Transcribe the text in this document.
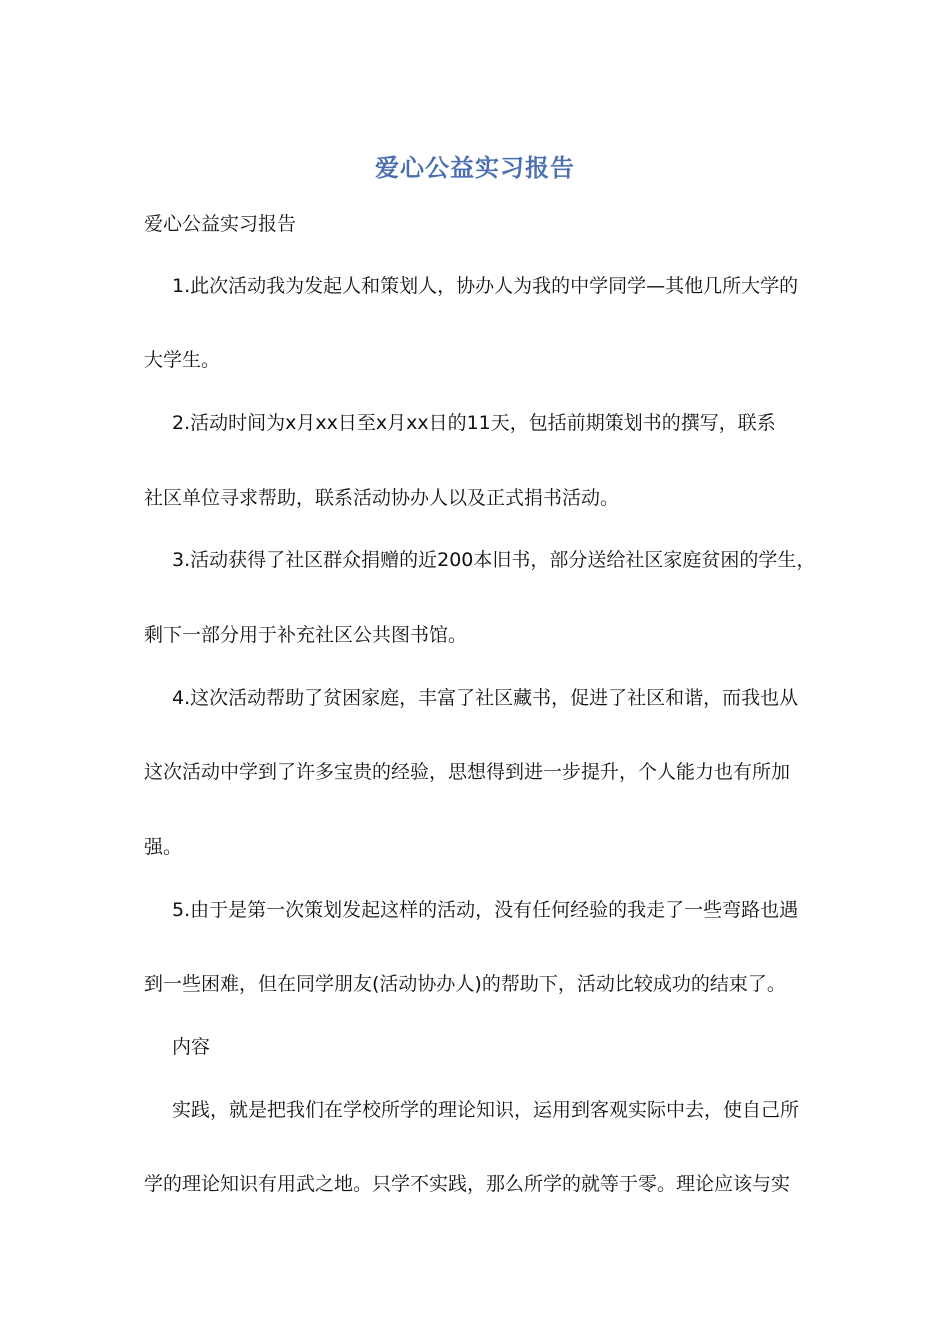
爱心公益实习报告
爱心公益实习报告
1.此次活动我为发起人和策划人，协办人为我的中学同学—其他几所大学的
大学生。
2.活动时间为x月xx日至x月xx日的11天，包括前期策划书的撰写，联系
社区单位寻求帮助，联系活动协办人以及正式捐书活动。
3.活动获得了社区群众捐赠的近200本旧书，部分送给社区家庭贫困的学生，
剩下一部分用于补充社区公共图书馆。
4.这次活动帮助了贫困家庭，丰富了社区藏书，促进了社区和谐，而我也从
这次活动中学到了许多宝贵的经验，思想得到进一步提升，个人能力也有所加
强。
5.由于是第一次策划发起这样的活动，没有任何经验的我走了一些弯路也遇
到一些困难，但在同学朋友(活动协办人)的帮助下，活动比较成功的结束了。
内容
实践，就是把我们在学校所学的理论知识，运用到客观实际中去，使自己所
学的理论知识有用武之地。只学不实践，那么所学的就等于零。理论应该与实
